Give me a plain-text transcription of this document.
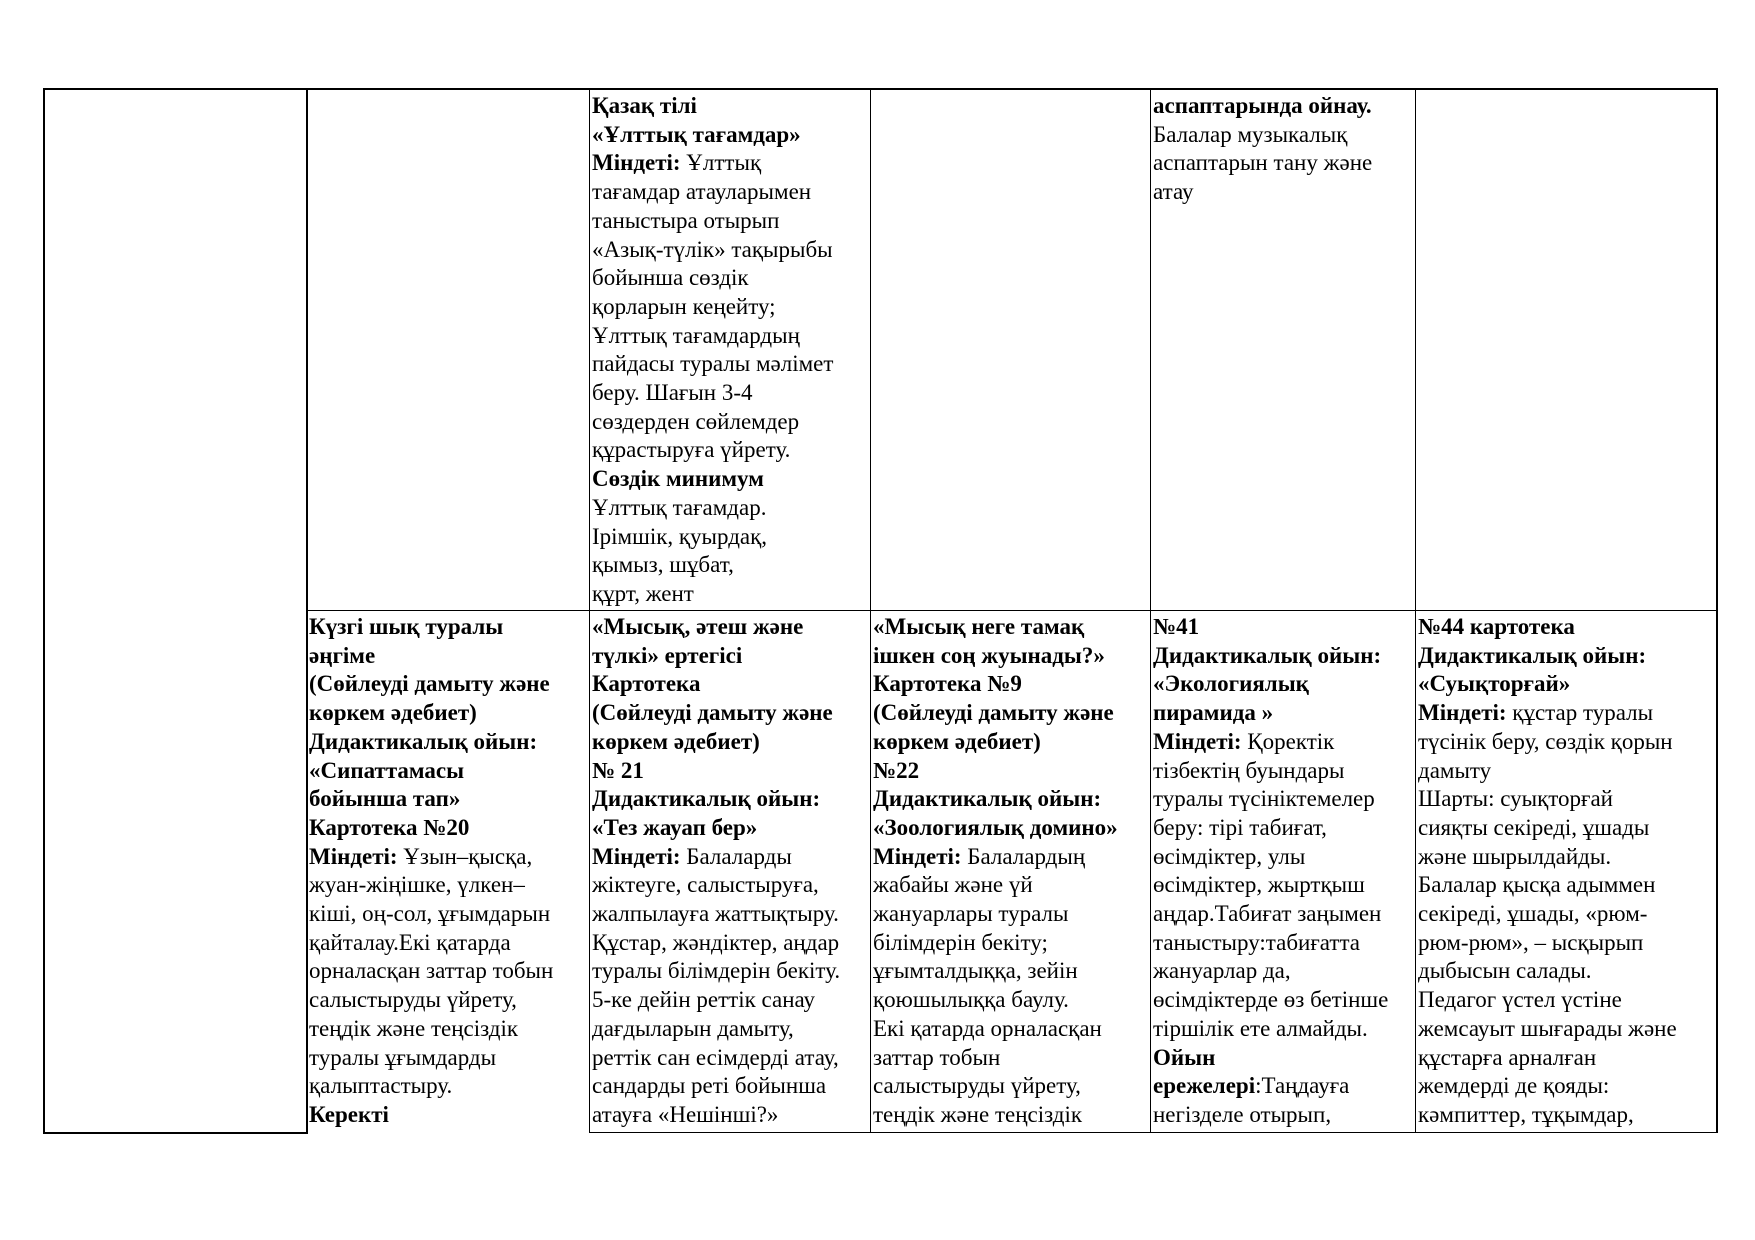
Қазақ тілі
«Ұлттық тағамдар»
Міндеті: Ұлттық
тағамдар атауларымен
таныстыра отырып
«Азық-түлік» тақырыбы
бойынша сөздік
қорларын кеңейту;
Ұлттық тағамдардың
пайдасы туралы мәлімет
беру. Шағын 3-4
сөздерден сөйлемдер
құрастыруға үйрету.
Сөздік минимум
Ұлттық тағамдар.
Ірімшік, қуырдақ,
қымыз, шұбат,
құрт, жент
аспаптарында ойнау.
Балалар музыкалық
аспаптарын тану және
атау
Күзгі шық туралы
әңгіме
(Сөйлеуді дамыту және
көркем әдебиет)
Дидактикалық ойын:
«Сипаттамасы
бойынша тап»
Картотека №20
Міндеті: Ұзын–қысқа,
жуан-жіңішке, үлкен–
кіші, оң-сол, ұғымдарын
қайталау.Екі қатарда
орналасқан заттар тобын
салыстыруды үйрету,
теңдік және теңсіздік
туралы ұғымдарды
қалыптастыру.
Керекті
«Мысық, әтеш және
түлкі» ертегісі
Картотека
(Сөйлеуді дамыту және
көркем әдебиет)
№ 21
Дидактикалық ойын:
«Тез жауап бер»
Міндеті: Балаларды
жіктеуге, салыстыруға,
жалпылауға жаттықтыру.
Құстар, жәндіктер, аңдар
туралы білімдерін бекіту.
5-ке дейін реттік санау
дағдыларын дамыту,
реттік сан есімдерді атау,
сандарды реті бойынша
атауға «Нешінші?»
«Мысық неге тамақ
ішкен соң жуынады?»
Картотека №9
(Сөйлеуді дамыту және
көркем әдебиет)
№22
Дидактикалық ойын:
«Зоологиялық домино»
Міндеті: Балалардың
жабайы және үй
жануарлары туралы
білімдерін бекіту;
ұғымталдыққа, зейін
қоюшылыққа баулу.
Екі қатарда орналасқан
заттар тобын
салыстыруды үйрету,
теңдік және теңсіздік
№41
Дидактикалық ойын:
«Экологиялық
пирамида »
Міндеті: Қоректік
тізбектің буындары
туралы түсініктемелер
беру: тірі табиғат,
өсімдіктер, улы
өсімдіктер, жыртқыш
аңдар.Табиғат заңымен
таныстыру:табиғатта
жануарлар да,
өсімдіктерде өз бетінше
тіршілік ете алмайды.
Ойын
ережелері:Таңдауға
негізделе отырып,
№44 картотека
Дидактикалық ойын:
«Суықторғай»
Міндеті: құстар туралы
түсінік беру, сөздік қорын
дамыту
Шарты: суықторғай
сияқты секіреді, ұшады
және шырылдайды.
Балалар қысқа адыммен
секіреді, ұшады, «рюм-
рюм-рюм», – ысқырып
дыбысын салады.
Педагог үстел үстіне
жемсауыт шығарады және
құстарға арналған
жемдерді де қояды:
кәмпиттер, тұқымдар,
